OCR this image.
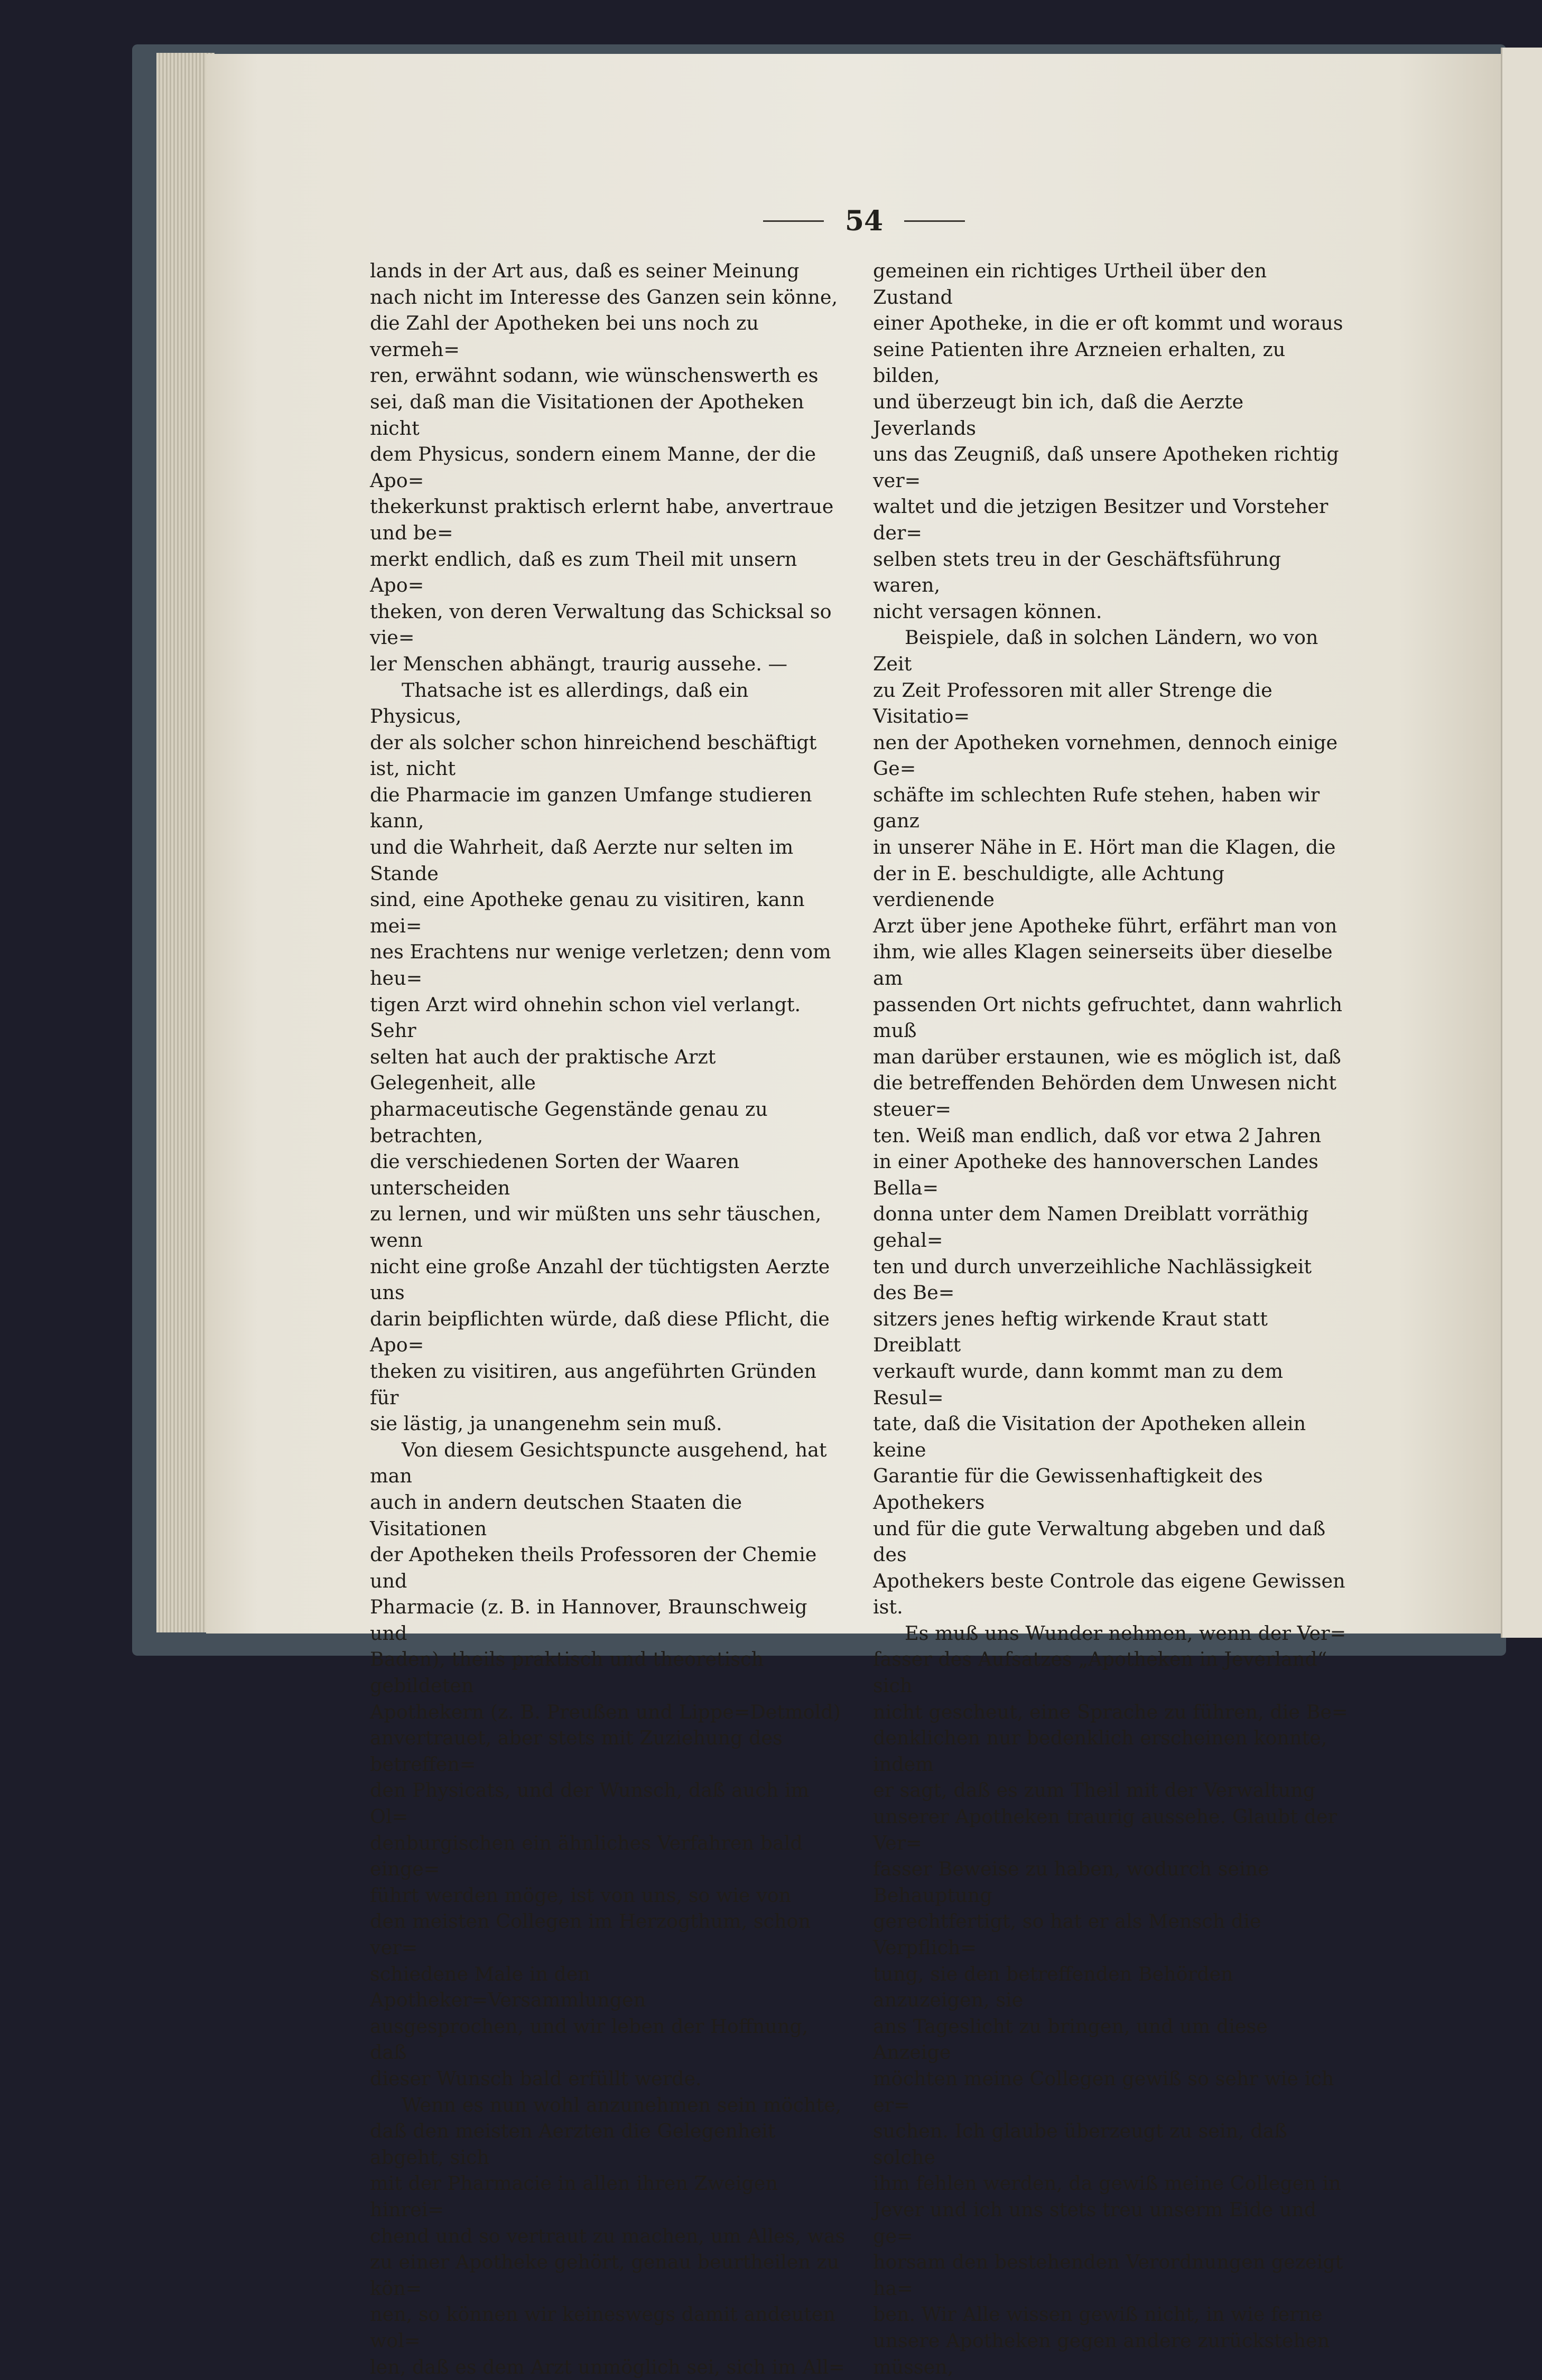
54

lands in der Art aus, daß es seiner Meinung
nach nicht im Interesse des Ganzen sein könne,
die Zahl der Apotheken bei uns noch zu vermeh=
ren, erwähnt sodann, wie wünschenswerth es
sei, daß man die Visitationen der Apotheken nicht
dem Physicus, sondern einem Manne, der die Apo=
thekerkunst praktisch erlernt habe, anvertraue und be=
merkt endlich, daß es zum Theil mit unsern Apo=
theken, von deren Verwaltung das Schicksal so vie=
ler Menschen abhängt, traurig aussehe. —

Thatsache ist es allerdings, daß ein Physicus,
der als solcher schon hinreichend beschäftigt ist, nicht
die Pharmacie im ganzen Umfange studieren kann,
und die Wahrheit, daß Aerzte nur selten im Stande
sind, eine Apotheke genau zu visitiren, kann mei=
nes Erachtens nur wenige verletzen; denn vom heu=
tigen Arzt wird ohnehin schon viel verlangt. Sehr
selten hat auch der praktische Arzt Gelegenheit, alle
pharmaceutische Gegenstände genau zu betrachten,
die verschiedenen Sorten der Waaren unterscheiden
zu lernen, und wir müßten uns sehr täuschen, wenn
nicht eine große Anzahl der tüchtigsten Aerzte uns
darin beipflichten würde, daß diese Pflicht, die Apo=
theken zu visitiren, aus angeführten Gründen für
sie lästig, ja unangenehm sein muß.

Von diesem Gesichtspuncte ausgehend, hat man
auch in andern deutschen Staaten die Visitationen
der Apotheken theils Professoren der Chemie und
Pharmacie (z. B. in Hannover, Braunschweig und
Baden), theils praktisch und theoretisch gebildeten
Apothekern (z. B. Preußen und Lippe=Detmold)
anvertrauet, aber stets mit Zuziehung des betreffen=
den Physicats, und der Wunsch, daß auch im Ol=
denburgischen ein ähnliches Verfahren bald einge=
führt werden möge, ist von uns, so wie von
den meisten Collegen im Herzogthum, schon ver=
schiedene Male in den Apotheker=Versammlungen
ausgesprochen, und wir leben der Hoffnung, daß
dieser Wunsch bald erfüllt werde.

Wenn es nun wohl anzunehmen sein möchte,
daß den meisten Aerzten die Gelegenheit abgeht, sich
mit der Pharmacie in allen ihren Zweigen hinrei=
chend und so vertraut zu machen, um Alles, was
zu einer Apotheke gehört, genau beurtheilen zu kön=
nen, so können wir keineswegs damit andeuten wol=
len, daß es dem Arzt unmöglich sei, sich im All=

gemeinen ein richtiges Urtheil über den Zustand
einer Apotheke, in die er oft kommt und woraus
seine Patienten ihre Arzneien erhalten, zu bilden,
und überzeugt bin ich, daß die Aerzte Jeverlands
uns das Zeugniß, daß unsere Apotheken richtig ver=
waltet und die jetzigen Besitzer und Vorsteher der=
selben stets treu in der Geschäftsführung waren,
nicht versagen können.

Beispiele, daß in solchen Ländern, wo von Zeit
zu Zeit Professoren mit aller Strenge die Visitatio=
nen der Apotheken vornehmen, dennoch einige Ge=
schäfte im schlechten Rufe stehen, haben wir ganz
in unserer Nähe in E. Hört man die Klagen, die
der in E. beschuldigte, alle Achtung verdienende
Arzt über jene Apotheke führt, erfährt man von
ihm, wie alles Klagen seinerseits über dieselbe am
passenden Ort nichts gefruchtet, dann wahrlich muß
man darüber erstaunen, wie es möglich ist, daß
die betreffenden Behörden dem Unwesen nicht steuer=
ten. Weiß man endlich, daß vor etwa 2 Jahren
in einer Apotheke des hannoverschen Landes Bella=
donna unter dem Namen Dreiblatt vorräthig gehal=
ten und durch unverzeihliche Nachlässigkeit des Be=
sitzers jenes heftig wirkende Kraut statt Dreiblatt
verkauft wurde, dann kommt man zu dem Resul=
tate, daß die Visitation der Apotheken allein keine
Garantie für die Gewissenhaftigkeit des Apothekers
und für die gute Verwaltung abgeben und daß des
Apothekers beste Controle das eigene Gewissen ist.

Es muß uns Wunder nehmen, wenn der Ver=
fasser des Aufsatzes „Apotheken in Jeverland“ sich
nicht gescheut, eine Sprache zu führen, die Be=
denklichen nur bedenklich erscheinen konnte, indem
er sagt, daß es zum Theil mit der Verwaltung
unserer Apotheken traurig aussehe. Glaubt der Ver=
fasser Beweise zu haben, wodurch seine Behauptung
gerechtfertigt, so hat er als Mensch die Verpflich=
tung, sie den betreffenden Behörden anzuzeigen, sie
ans Tageslicht zu bringen, und um diese Anzeige
möchten meine Collegen gewiß so sehr wie ich er=
suchen. Ich glaube überzeugt zu sein, daß solche
ihm fehlen werden, da gewiß meine Collegen in
Jever und ich uns stets treu unserm Eide und ge=
horsam den bestehenden Verordnungen gezeigt ha=
ben. Wir Alle wissen gewiß nicht, in wie ferne
unsere Apotheken gegen andere zurückstehen müssen,
